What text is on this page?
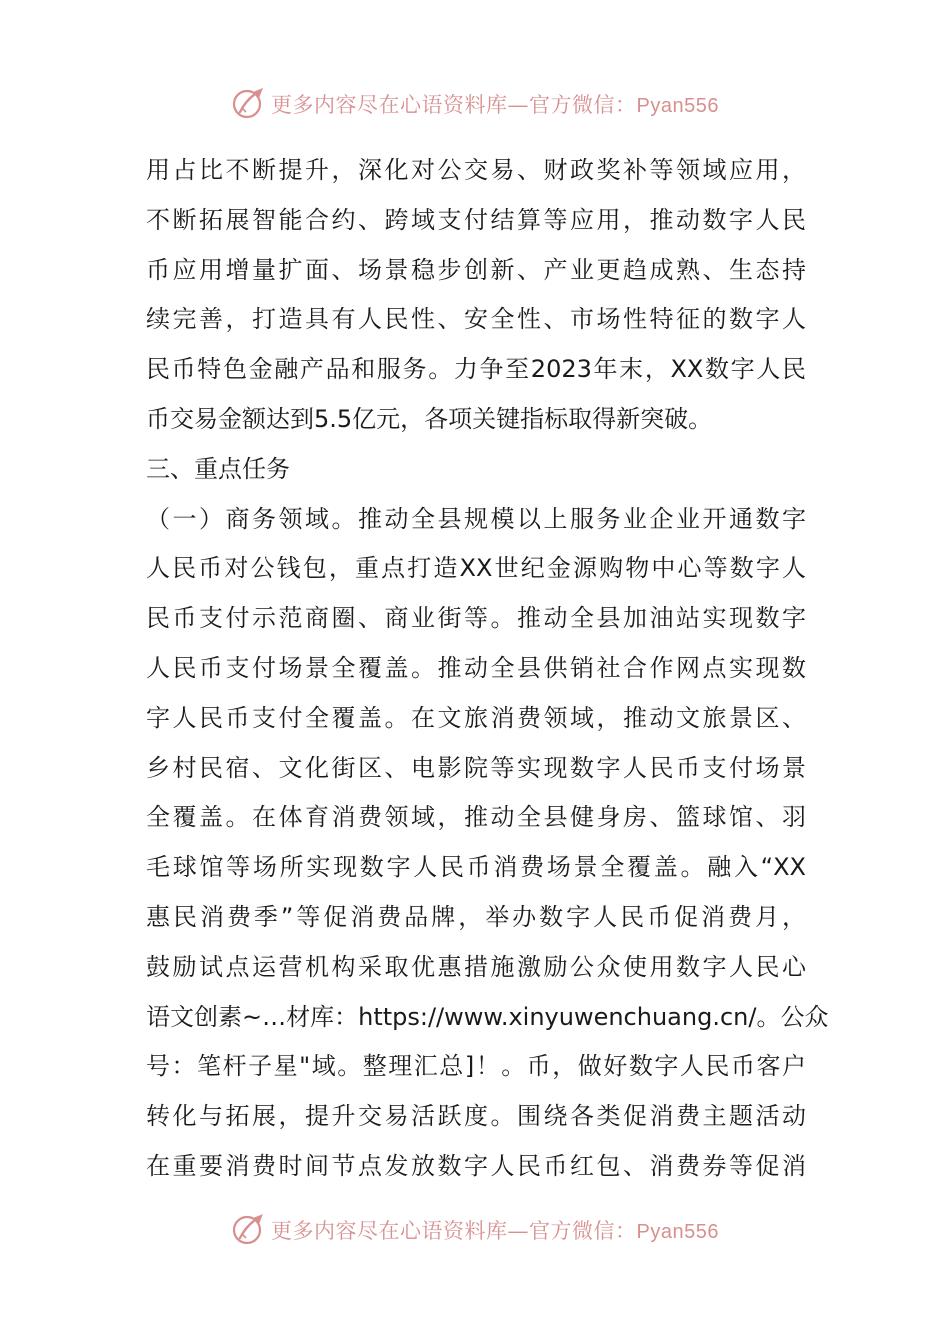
更多内容尽在心语资料库—官方微信：Pyan556
用占比不断提升，深化对公交易、财政奖补等领域应用，
不断拓展智能合约、跨域支付结算等应用，推动数字人民
币应用增量扩面、场景稳步创新、产业更趋成熟、生态持
续完善，打造具有人民性、安全性、市场性特征的数字人
民币特色金融产品和服务。力争至2023年末，XX数字人民
币交易金额达到5.5亿元，各项关键指标取得新突破。
三、重点任务
（一）商务领域。推动全县规模以上服务业企业开通数字
人民币对公钱包，重点打造XX世纪金源购物中心等数字人
民币支付示范商圈、商业街等。推动全县加油站实现数字
人民币支付场景全覆盖。推动全县供销社合作网点实现数
字人民币支付全覆盖。在文旅消费领域，推动文旅景区、
乡村民宿、文化街区、电影院等实现数字人民币支付场景
全覆盖。在体育消费领域，推动全县健身房、篮球馆、羽
毛球馆等场所实现数字人民币消费场景全覆盖。融入“XX
惠民消费季”等促消费品牌，举办数字人民币促消费月，
鼓励试点运营机构采取优惠措施激励公众使用数字人民心
语文创素~…材库：https://www.xinyuwenchuang.cn/。公众
号：笔杆子星"域。整理汇总]！。币，做好数字人民币客户
转化与拓展，提升交易活跃度。围绕各类促消费主题活动
在重要消费时间节点发放数字人民币红包、消费券等促消
更多内容尽在心语资料库—官方微信：Pyan556
